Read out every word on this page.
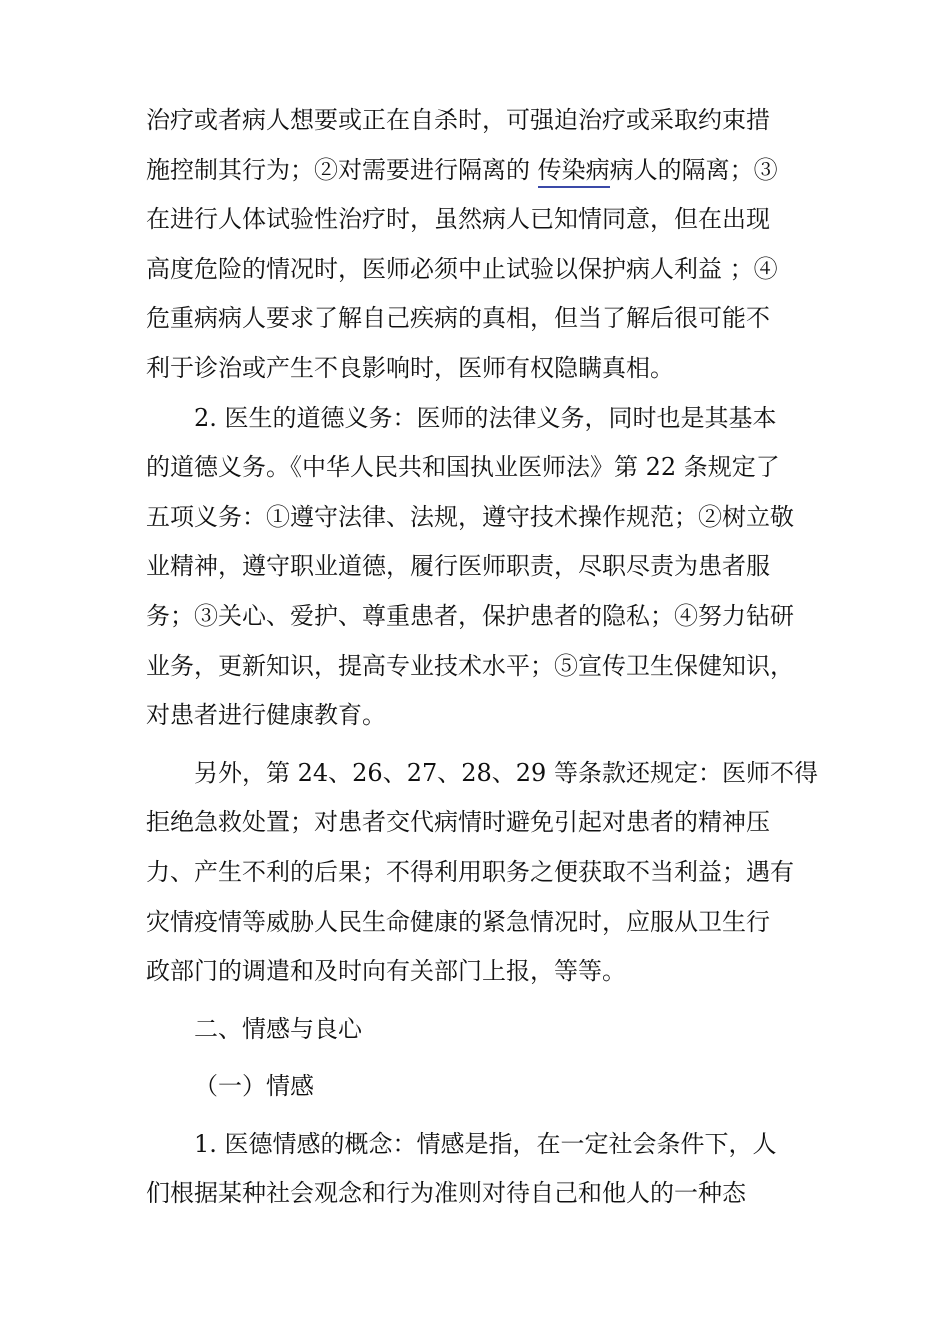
治疗或者病人想要或正在自杀时，可强迫治疗或采取约束措
施控制其行为；②对需要进行隔离的 传染病病人的隔离；③
在进行人体试验性治疗时，虽然病人已知情同意，但在出现
高度危险的情况时，医师必须中止试验以保护病人利益 ；④
危重病病人要求了解自己疾病的真相，但当了解后很可能不
利于诊治或产生不良影响时，医师有权隐瞒真相。
2. 医生的道德义务：医师的法律义务，同时也是其基本
的道德义务。《中华人民共和国执业医师法》第 22 条规定了
五项义务：①遵守法律、法规，遵守技术操作规范；②树立敬
业精神，遵守职业道德，履行医师职责，尽职尽责为患者服
务；③关心、爱护、尊重患者，保护患者的隐私；④努力钻研
业务，更新知识，提高专业技术水平；⑤宣传卫生保健知识，
对患者进行健康教育。
另外，第 24、26、27、28、29 等条款还规定：医师不得
拒绝急救处置；对患者交代病情时避免引起对患者的精神压
力、产生不利的后果；不得利用职务之便获取不当利益；遇有
灾情疫情等威胁人民生命健康的紧急情况时，应服从卫生行
政部门的调遣和及时向有关部门上报，等等。
二、情感与良心
（一）情感
1. 医德情感的概念：情感是指，在一定社会条件下，人
们根据某种社会观念和行为准则对待自己和他人的一种态
